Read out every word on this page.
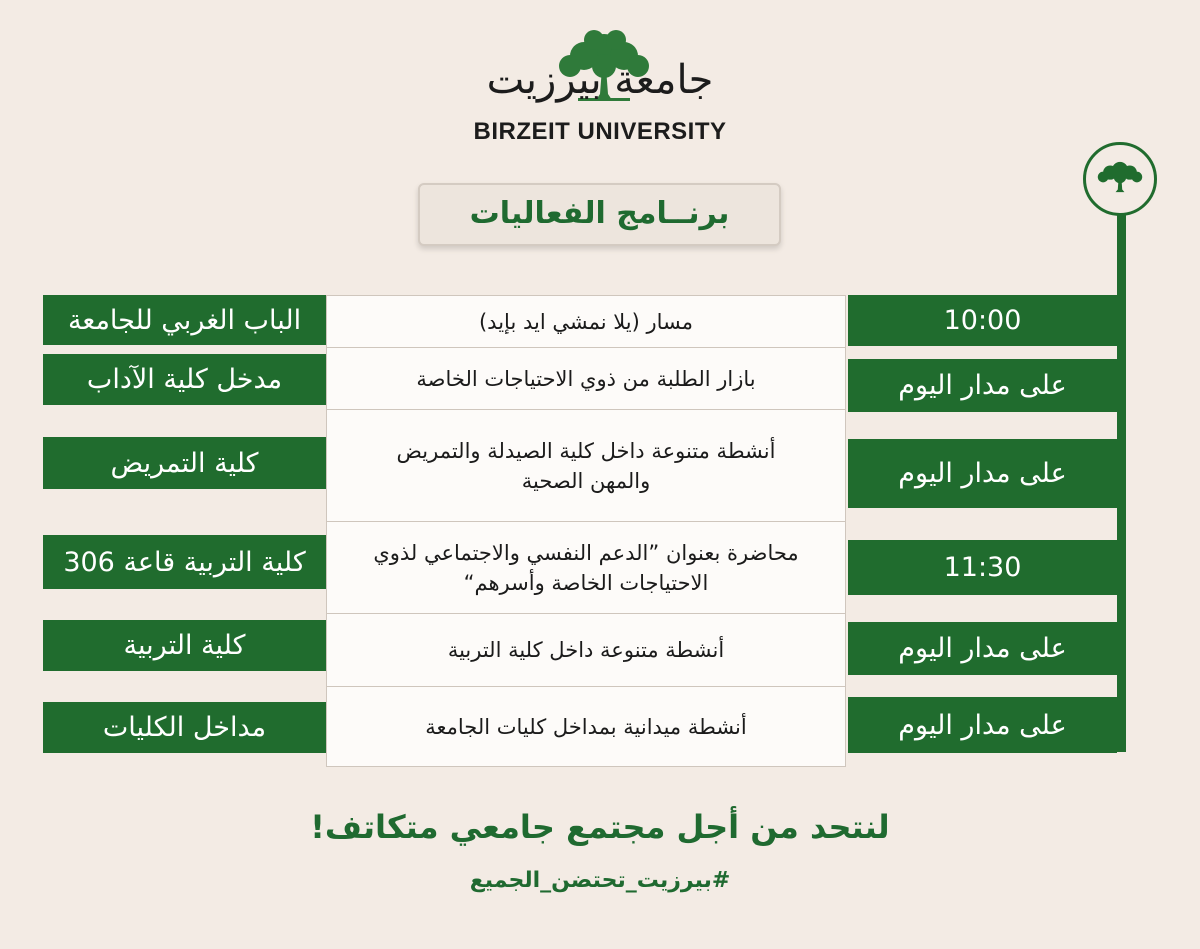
جامعة بيرزيت
BIRZEIT UNIVERSITY
برنــامج الفعاليات
مسار (يلا نمشي ايد بإيد)
بازار الطلبة من ذوي الاحتياجات الخاصة
أنشطة متنوعة داخل كلية الصيدلة والتمريض والمهن الصحية
محاضرة بعنوان ”الدعم النفسي والاجتماعي لذوي الاحتياجات الخاصة وأسرهم“
أنشطة متنوعة داخل كلية التربية
أنشطة ميدانية بمداخل كليات الجامعة
الباب الغربي للجامعة
مدخل كلية الآداب
كلية التمريض
كلية التربية قاعة 306
كلية التربية
مداخل الكليات
10:00
على مدار اليوم
على مدار اليوم
11:30
على مدار اليوم
على مدار اليوم
لنتحد من أجل مجتمع جامعي متكاتف!
#بيرزيت_تحتضن_الجميع
